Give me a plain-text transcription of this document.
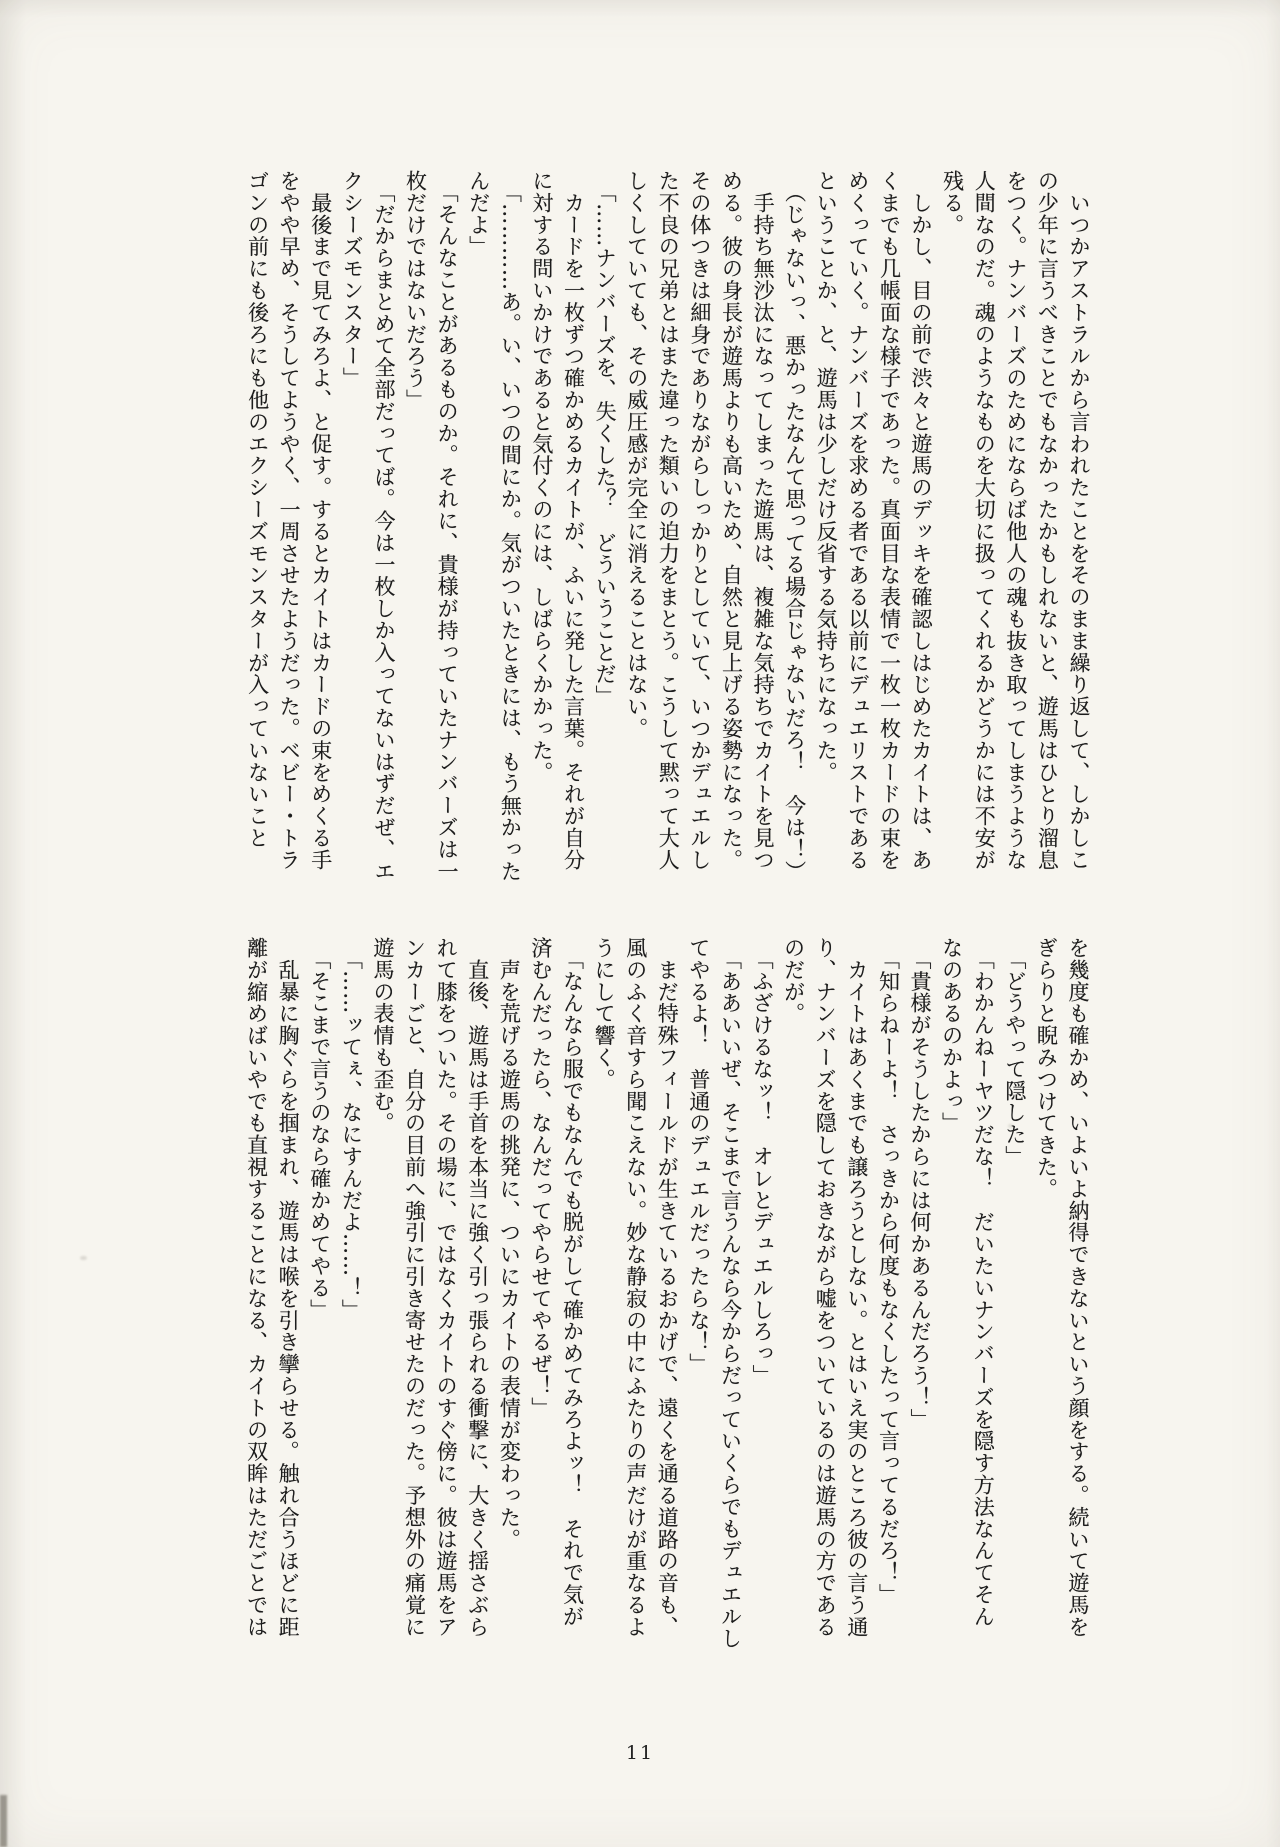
　いつかアストラルから言われたことをそのまま繰り返して、しかしこ
の少年に言うべきことでもなかったかもしれないと、遊馬はひとり溜息
をつく。ナンバーズのためにならば他人の魂も抜き取ってしまうような
人間なのだ。魂のようなものを大切に扱ってくれるかどうかには不安が
残る。
　しかし、目の前で渋々と遊馬のデッキを確認しはじめたカイトは、あ
くまでも几帳面な様子であった。真面目な表情で一枚一枚カードの束を
めくっていく。ナンバーズを求める者である以前にデュエリストである
ということか、と、遊馬は少しだけ反省する気持ちになった。
　（じゃないっ、悪かったなんて思ってる場合じゃないだろ！　今は！）
　手持ち無沙汰になってしまった遊馬は、複雑な気持ちでカイトを見つ
める。彼の身長が遊馬よりも高いため、自然と見上げる姿勢になった。
その体つきは細身でありながらしっかりとしていて、いつかデュエルし
た不良の兄弟とはまた違った類いの迫力をまとう。こうして黙って大人
しくしていても、その威圧感が完全に消えることはない。
　「……ナンバーズを、失くした？　どういうことだ」
　カードを一枚ずつ確かめるカイトが、ふいに発した言葉。それが自分
に対する問いかけであると気付くのには、しばらくかかった。
　「…………あ。い、いつの間にか。気がついたときには、もう無かった
んだよ」
　「そんなことがあるものか。それに、貴様が持っていたナンバーズは一
枚だけではないだろう」
　「だからまとめて全部だってば。今は一枚しか入ってないはずだぜ、エ
クシーズモンスター」
　最後まで見てみろよ、と促す。するとカイトはカードの束をめくる手
をやや早め、そうしてようやく、一周させたようだった。ベビー・トラ
ゴンの前にも後ろにも他のエクシーズモンスターが入っていないこと
を幾度も確かめ、いよいよ納得できないという顔をする。続いて遊馬を
ぎらりと睨みつけてきた。
　「どうやって隠した」
　「わかんねーヤツだな！　だいたいナンバーズを隠す方法なんてそん
なのあるのかよっ」
　「貴様がそうしたからには何かあるんだろう！」
　「知らねーよ！　さっきから何度もなくしたって言ってるだろ！」
　カイトはあくまでも譲ろうとしない。とはいえ実のところ彼の言う通
り、ナンバーズを隠しておきながら嘘をついているのは遊馬の方である
のだが。
　「ふざけるなッ！　オレとデュエルしろっ」
　「ああいいぜ、そこまで言うんなら今からだっていくらでもデュエルし
てやるよ！　普通のデュエルだったらな！」
　まだ特殊フィールドが生きているおかげで、遠くを通る道路の音も、
風のふく音すら聞こえない。妙な静寂の中にふたりの声だけが重なるよ
うにして響く。
　「なんなら服でもなんでも脱がして確かめてみろよッ！　それで気が
済むんだったら、なんだってやらせてやるぜ！」
　声を荒げる遊馬の挑発に、ついにカイトの表情が変わった。
　直後、遊馬は手首を本当に強く引っ張られる衝撃に、大きく揺さぶら
れて膝をついた。その場に、ではなくカイトのすぐ傍に。彼は遊馬をア
ンカーごと、自分の目前へ強引に引き寄せたのだった。予想外の痛覚に
遊馬の表情も歪む。
　「……ッてぇ、なにすんだよ……！」
　「そこまで言うのなら確かめてやる」
　乱暴に胸ぐらを掴まれ、遊馬は喉を引き攣らせる。触れ合うほどに距
離が縮めばいやでも直視することになる、カイトの双眸はただごとでは
11
